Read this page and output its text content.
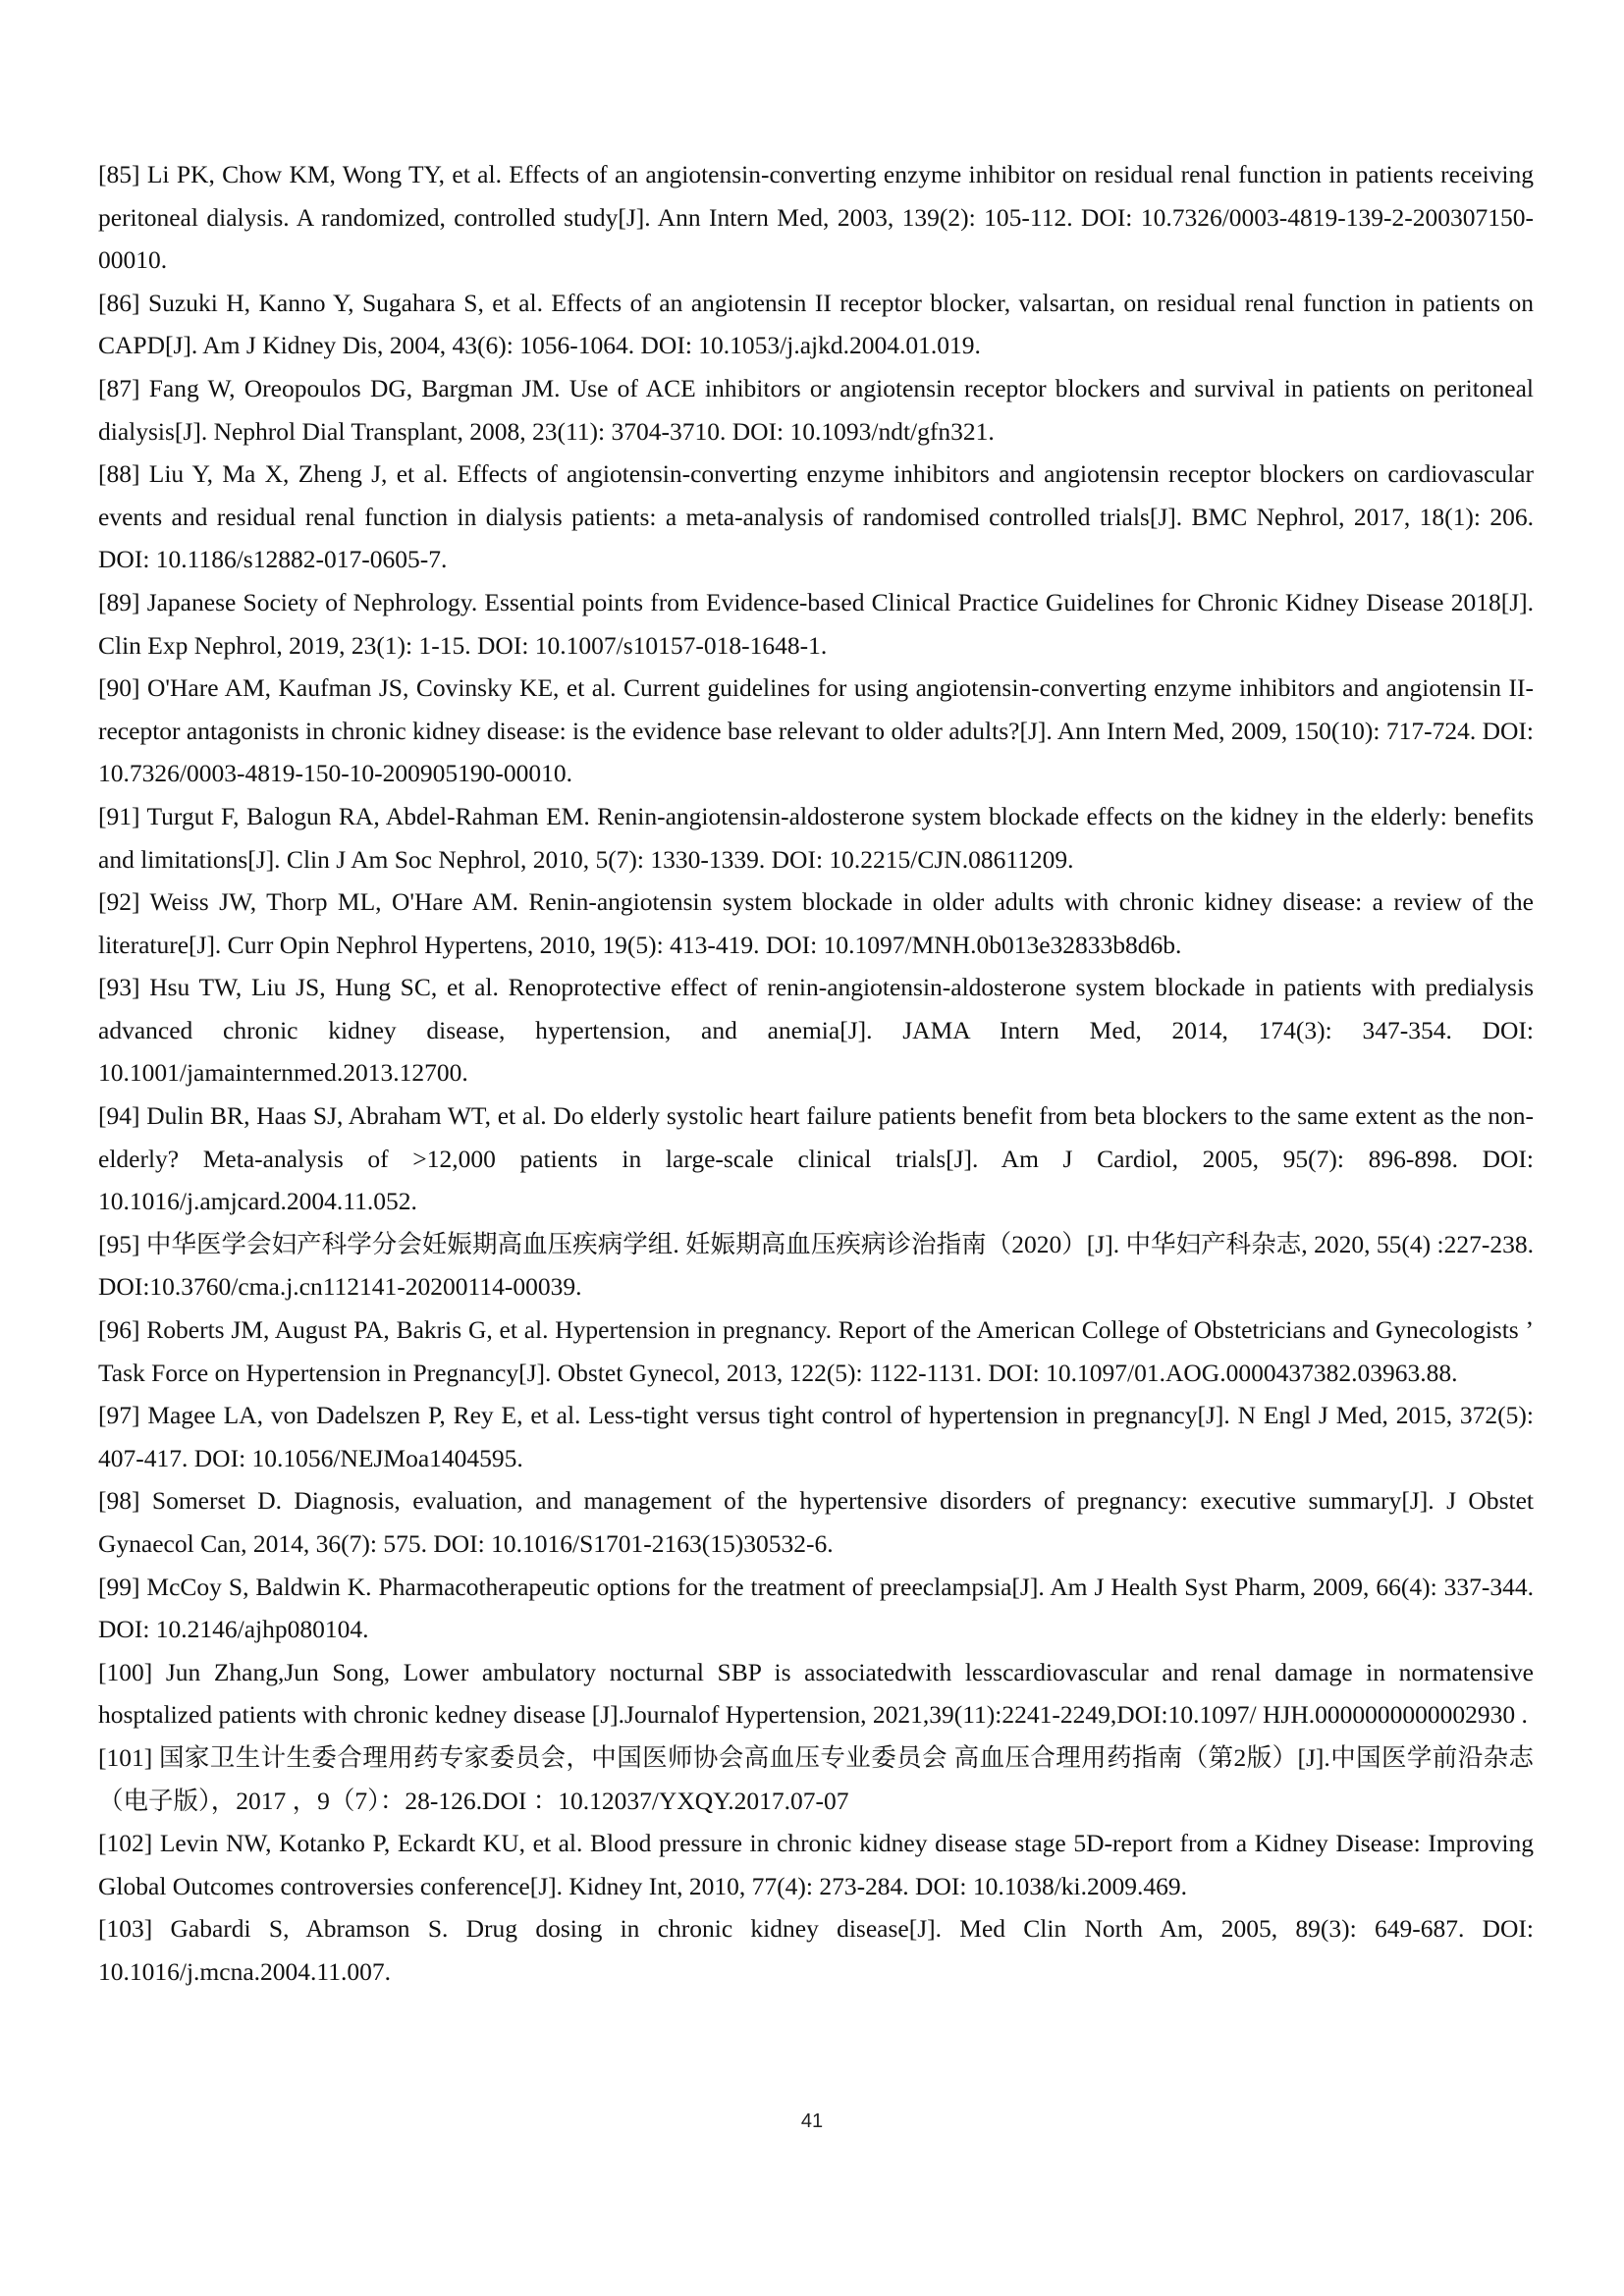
[85] Li PK, Chow KM, Wong TY, et al. Effects of an angiotensin-converting enzyme inhibitor on residual renal function in patients receiving peritoneal dialysis. A randomized, controlled study[J]. Ann Intern Med, 2003, 139(2): 105-112. DOI: 10.7326/0003-4819-139-2-200307150-00010.
[86] Suzuki H, Kanno Y, Sugahara S, et al. Effects of an angiotensin II receptor blocker, valsartan, on residual renal function in patients on CAPD[J]. Am J Kidney Dis, 2004, 43(6): 1056-1064. DOI: 10.1053/j.ajkd.2004.01.019.
[87] Fang W, Oreopoulos DG, Bargman JM. Use of ACE inhibitors or angiotensin receptor blockers and survival in patients on peritoneal dialysis[J]. Nephrol Dial Transplant, 2008, 23(11): 3704-3710. DOI: 10.1093/ndt/gfn321.
[88] Liu Y, Ma X, Zheng J, et al. Effects of angiotensin-converting enzyme inhibitors and angiotensin receptor blockers on cardiovascular events and residual renal function in dialysis patients: a meta-analysis of randomised controlled trials[J]. BMC Nephrol, 2017, 18(1): 206. DOI: 10.1186/s12882-017-0605-7.
[89] Japanese Society of Nephrology. Essential points from Evidence-based Clinical Practice Guidelines for Chronic Kidney Disease 2018[J]. Clin Exp Nephrol, 2019, 23(1): 1-15. DOI: 10.1007/s10157-018-1648-1.
[90] O'Hare AM, Kaufman JS, Covinsky KE, et al. Current guidelines for using angiotensin-converting enzyme inhibitors and angiotensin II-receptor antagonists in chronic kidney disease: is the evidence base relevant to older adults?[J]. Ann Intern Med, 2009, 150(10): 717-724. DOI: 10.7326/0003-4819-150-10-200905190-00010.
[91] Turgut F, Balogun RA, Abdel-Rahman EM. Renin-angiotensin-aldosterone system blockade effects on the kidney in the elderly: benefits and limitations[J]. Clin J Am Soc Nephrol, 2010, 5(7): 1330-1339. DOI: 10.2215/CJN.08611209.
[92] Weiss JW, Thorp ML, O'Hare AM. Renin-angiotensin system blockade in older adults with chronic kidney disease: a review of the literature[J]. Curr Opin Nephrol Hypertens, 2010, 19(5): 413-419. DOI: 10.1097/MNH.0b013e32833b8d6b.
[93] Hsu TW, Liu JS, Hung SC, et al. Renoprotective effect of renin-angiotensin-aldosterone system blockade in patients with predialysis advanced chronic kidney disease, hypertension, and anemia[J]. JAMA Intern Med, 2014, 174(3): 347-354. DOI: 10.1001/jamainternmed.2013.12700.
[94] Dulin BR, Haas SJ, Abraham WT, et al. Do elderly systolic heart failure patients benefit from beta blockers to the same extent as the non-elderly? Meta-analysis of >12,000 patients in large-scale clinical trials[J]. Am J Cardiol, 2005, 95(7): 896-898. DOI: 10.1016/j.amjcard.2004.11.052.
[95] 中华医学会妇产科学分会妊娠期高血压疾病学组. 妊娠期高血压疾病诊治指南（2020）[J]. 中华妇产科杂志, 2020, 55(4) :227-238. DOI:10.3760/cma.j.cn112141-20200114-00039.
[96] Roberts JM, August PA, Bakris G, et al. Hypertension in pregnancy. Report of the American College of Obstetricians and Gynecologists ’ Task Force on Hypertension in Pregnancy[J]. Obstet Gynecol, 2013, 122(5): 1122-1131. DOI: 10.1097/01.AOG.0000437382.03963.88.
[97] Magee LA, von Dadelszen P, Rey E, et al. Less-tight versus tight control of hypertension in pregnancy[J]. N Engl J Med, 2015, 372(5): 407-417. DOI: 10.1056/NEJMoa1404595.
[98] Somerset D. Diagnosis, evaluation, and management of the hypertensive disorders of pregnancy: executive summary[J]. J Obstet Gynaecol Can, 2014, 36(7): 575. DOI: 10.1016/S1701-2163(15)30532-6.
[99] McCoy S, Baldwin K. Pharmacotherapeutic options for the treatment of preeclampsia[J]. Am J Health Syst Pharm, 2009, 66(4): 337-344. DOI: 10.2146/ajhp080104.
[100] Jun Zhang,Jun Song, Lower ambulatory nocturnal SBP is associatedwith lesscardiovascular and renal damage in normatensive hosptalized patients with chronic kedney disease [J].Journalof Hypertension, 2021,39(11):2241-2249,DOI:10.1097/ HJH.0000000000002930 .
[101] 国家卫生计生委合理用药专家委员会，中国医师协会高血压专业委员会 高血压合理用药指南（第2版）[J].中国医学前沿杂志（电子版），2017 ，9（7）：28-126.DOI ：10.12037/YXQY.2017.07-07
[102] Levin NW, Kotanko P, Eckardt KU, et al. Blood pressure in chronic kidney disease stage 5D-report from a Kidney Disease: Improving Global Outcomes controversies conference[J]. Kidney Int, 2010, 77(4): 273-284. DOI: 10.1038/ki.2009.469.
[103] Gabardi S, Abramson S. Drug dosing in chronic kidney disease[J]. Med Clin North Am, 2005, 89(3): 649-687. DOI: 10.1016/j.mcna.2004.11.007.
41
